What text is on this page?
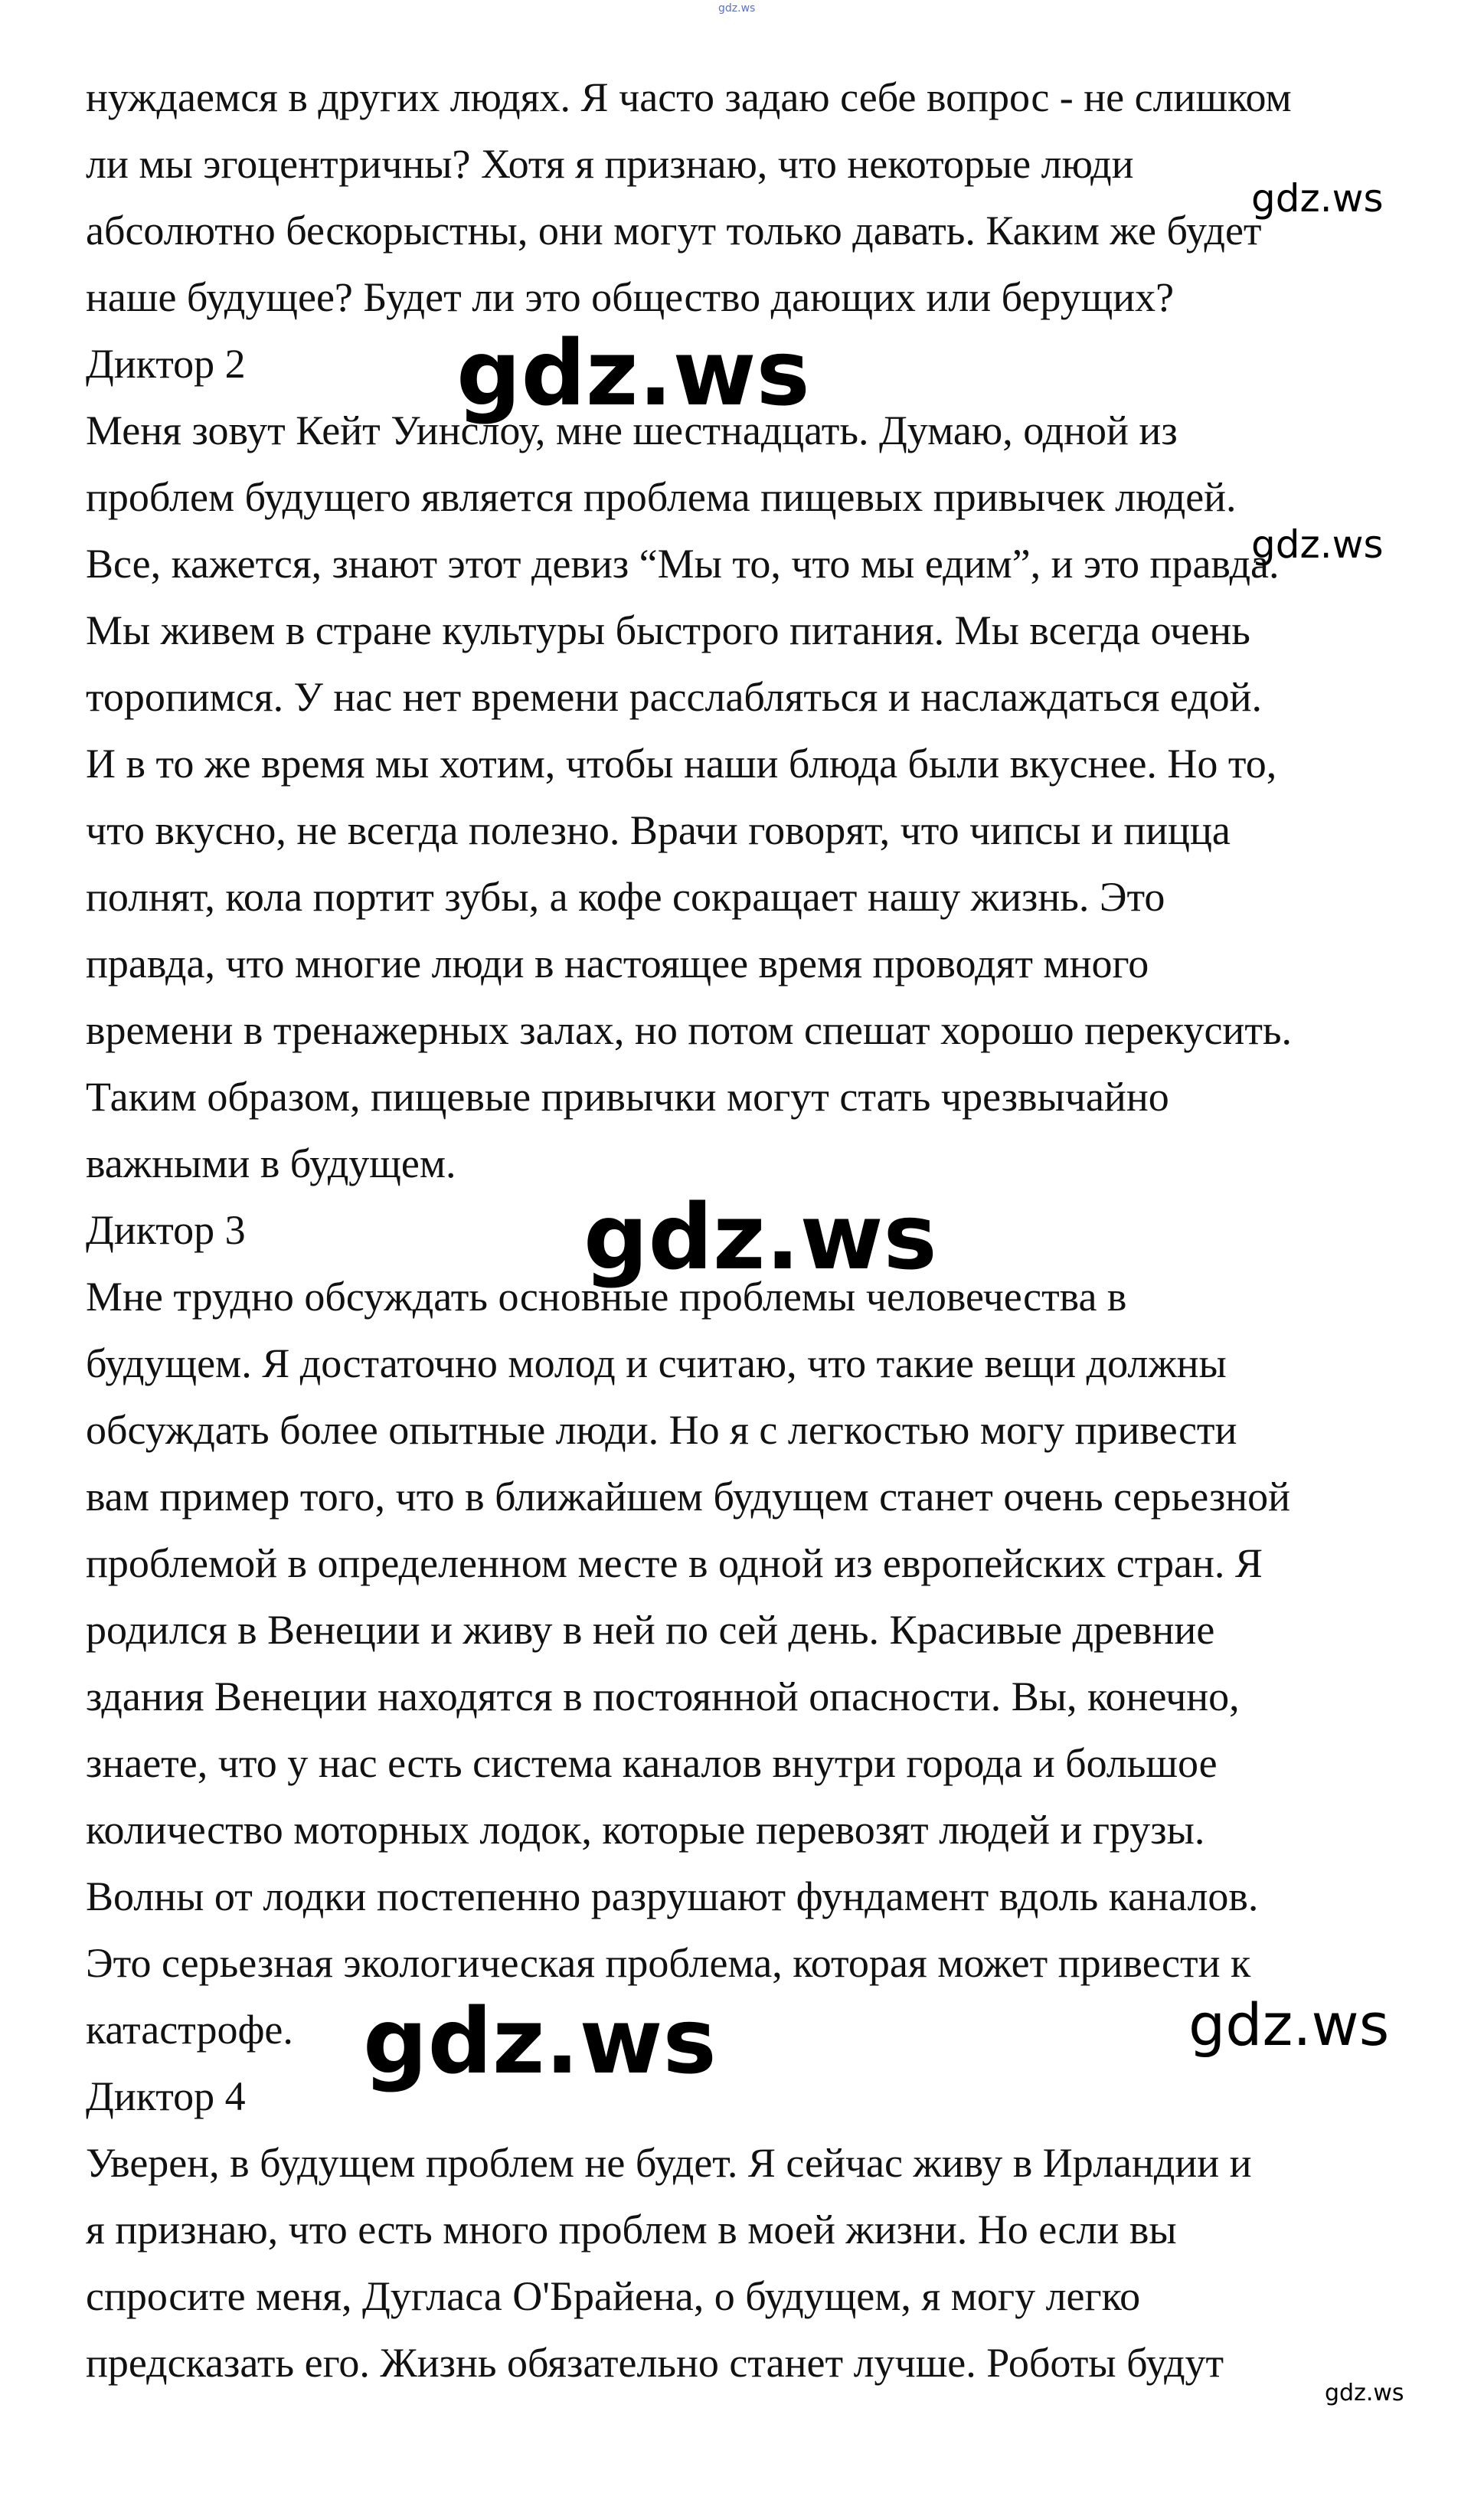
gdz.ws
нуждаемся в других людях. Я часто задаю себе вопрос - не слишком
ли мы эгоцентричны? Хотя я признаю, что некоторые люди
абсолютно бескорыстны, они могут только давать. Каким же будет
наше будущее? Будет ли это общество дающих или берущих?
Диктор 2
Меня зовут Кейт Уинслоу, мне шестнадцать. Думаю, одной из
проблем будущего является проблема пищевых привычек людей.
Все, кажется, знают этот девиз “Мы то, что мы едим”, и это правда.
Мы живем в стране культуры быстрого питания. Мы всегда очень
торопимся. У нас нет времени расслабляться и наслаждаться едой.
И в то же время мы хотим, чтобы наши блюда были вкуснее. Но то,
что вкусно, не всегда полезно. Врачи говорят, что чипсы и пицца
полнят, кола портит зубы, а кофе сокращает нашу жизнь. Это
правда, что многие люди в настоящее время проводят много
времени в тренажерных залах, но потом спешат хорошо перекусить.
Таким образом, пищевые привычки могут стать чрезвычайно
важными в будущем.
Диктор 3
Мне трудно обсуждать основные проблемы человечества в
будущем. Я достаточно молод и считаю, что такие вещи должны
обсуждать более опытные люди. Но я с легкостью могу привести
вам пример того, что в ближайшем будущем станет очень серьезной
проблемой в определенном месте в одной из европейских стран. Я
родился в Венеции и живу в ней по сей день. Красивые древние
здания Венеции находятся в постоянной опасности. Вы, конечно,
знаете, что у нас есть система каналов внутри города и большое
количество моторных лодок, которые перевозят людей и грузы.
Волны от лодки постепенно разрушают фундамент вдоль каналов.
Это серьезная экологическая проблема, которая может привести к
катастрофе.
Диктор 4
Уверен, в будущем проблем не будет. Я сейчас живу в Ирландии и
я признаю, что есть много проблем в моей жизни. Но если вы
спросите меня, Дугласа О'Брайена, о будущем, я могу легко
предсказать его. Жизнь обязательно станет лучше. Роботы будут
gdz.ws
gdz.ws
gdz.ws
gdz.ws
gdz.ws	gdz.ws
gdz.ws
